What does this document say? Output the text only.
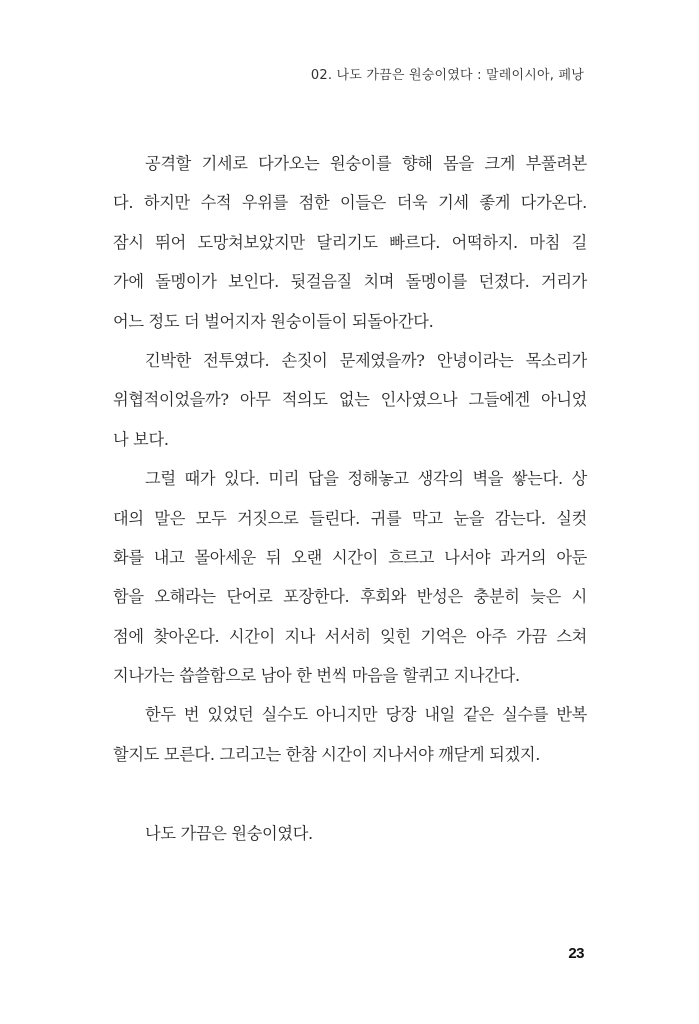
02. 나도 가끔은 원숭이였다 : 말레이시아, 페낭
공격할 기세로 다가오는 원숭이를 향해 몸을 크게 부풀려본
다. 하지만 수적 우위를 점한 이들은 더욱 기세 좋게 다가온다.
잠시 뛰어 도망쳐보았지만 달리기도 빠르다. 어떡하지. 마침 길
가에 돌멩이가 보인다. 뒷걸음질 치며 돌멩이를 던졌다. 거리가
어느 정도 더 벌어지자 원숭이들이 되돌아간다.
긴박한 전투였다. 손짓이 문제였을까? 안녕이라는 목소리가
위협적이었을까? 아무 적의도 없는 인사였으나 그들에겐 아니었
나 보다.
그럴 때가 있다. 미리 답을 정해놓고 생각의 벽을 쌓는다. 상
대의 말은 모두 거짓으로 들린다. 귀를 막고 눈을 감는다. 실컷
화를 내고 몰아세운 뒤 오랜 시간이 흐르고 나서야 과거의 아둔
함을 오해라는 단어로 포장한다. 후회와 반성은 충분히 늦은 시
점에 찾아온다. 시간이 지나 서서히 잊힌 기억은 아주 가끔 스쳐
지나가는 씁쓸함으로 남아 한 번씩 마음을 할퀴고 지나간다.
한두 번 있었던 실수도 아니지만 당장 내일 같은 실수를 반복
할지도 모른다. 그리고는 한참 시간이 지나서야 깨닫게 되겠지.
나도 가끔은 원숭이였다.
23
